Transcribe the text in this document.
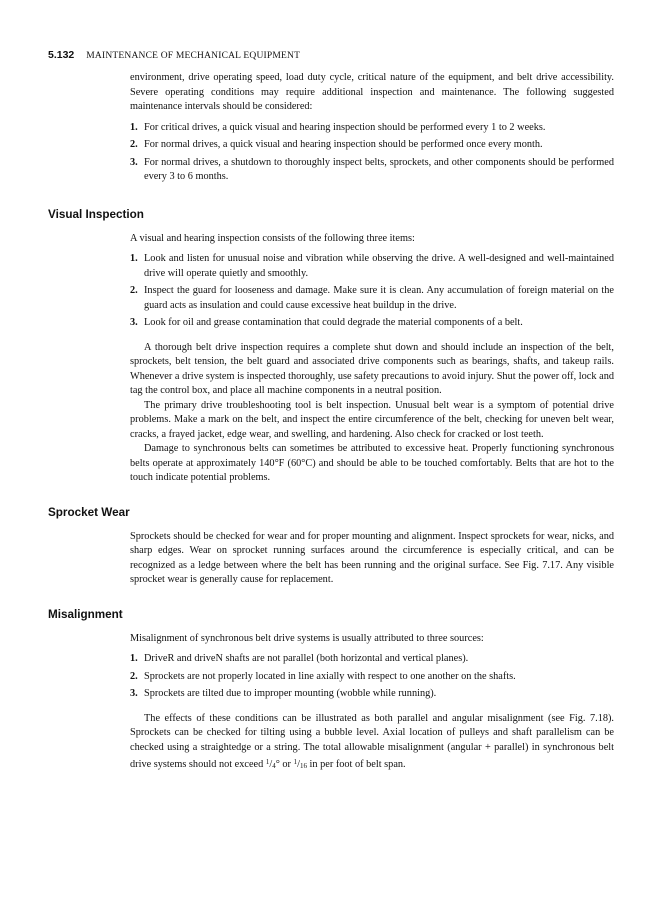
5.132 MAINTENANCE OF MECHANICAL EQUIPMENT

environment, drive operating speed, load duty cycle, critical nature of the equipment, and belt drive accessibility. Severe operating conditions may require additional inspection and maintenance. The following suggested maintenance intervals should be considered:

1. For critical drives, a quick visual and hearing inspection should be performed every 1 to 2 weeks.
2. For normal drives, a quick visual and hearing inspection should be performed once every month.
3. For normal drives, a shutdown to thoroughly inspect belts, sprockets, and other components should be performed every 3 to 6 months.
Visual Inspection

A visual and hearing inspection consists of the following three items:

1. Look and listen for unusual noise and vibration while observing the drive. A well-designed and well-maintained drive will operate quietly and smoothly.
2. Inspect the guard for looseness and damage. Make sure it is clean. Any accumulation of foreign material on the guard acts as insulation and could cause excessive heat buildup in the drive.
3. Look for oil and grease contamination that could degrade the material components of a belt.

A thorough belt drive inspection requires a complete shut down and should include an inspection of the belt, sprockets, belt tension, the belt guard and associated drive components such as bearings, shafts, and takeup rails. Whenever a drive system is inspected thoroughly, use safety precautions to avoid injury. Shut the power off, lock and tag the control box, and place all machine components in a neutral position.

The primary drive troubleshooting tool is belt inspection. Unusual belt wear is a symptom of potential drive problems. Make a mark on the belt, and inspect the entire circumference of the belt, checking for uneven belt wear, cracks, a frayed jacket, edge wear, and swelling, and hardening. Also check for cracked or lost teeth.

Damage to synchronous belts can sometimes be attributed to excessive heat. Properly functioning synchronous belts operate at approximately 140°F (60°C) and should be able to be touched comfortably. Belts that are hot to the touch indicate potential problems.

Sprocket Wear

Sprockets should be checked for wear and for proper mounting and alignment. Inspect sprockets for wear, nicks, and sharp edges. Wear on sprocket running surfaces around the circumference is especially critical, and can be recognized as a ledge between where the belt has been running and the original surface. See Fig. 7.17. Any visible sprocket wear is generally cause for replacement.

Misalignment

Misalignment of synchronous belt drive systems is usually attributed to three sources:

1. DriveR and driveN shafts are not parallel (both horizontal and vertical planes).
2. Sprockets are not properly located in line axially with respect to one another on the shafts.
3. Sprockets are tilted due to improper mounting (wobble while running).

The effects of these conditions can be illustrated as both parallel and angular misalignment (see Fig. 7.18). Sprockets can be checked for tilting using a bubble level. Axial location of pulleys and shaft parallelism can be checked using a straightedge or a string. The total allowable misalignment (angular + parallel) in synchronous belt drive systems should not exceed $^1$/4° or $^1$/16 in per foot of belt span.
